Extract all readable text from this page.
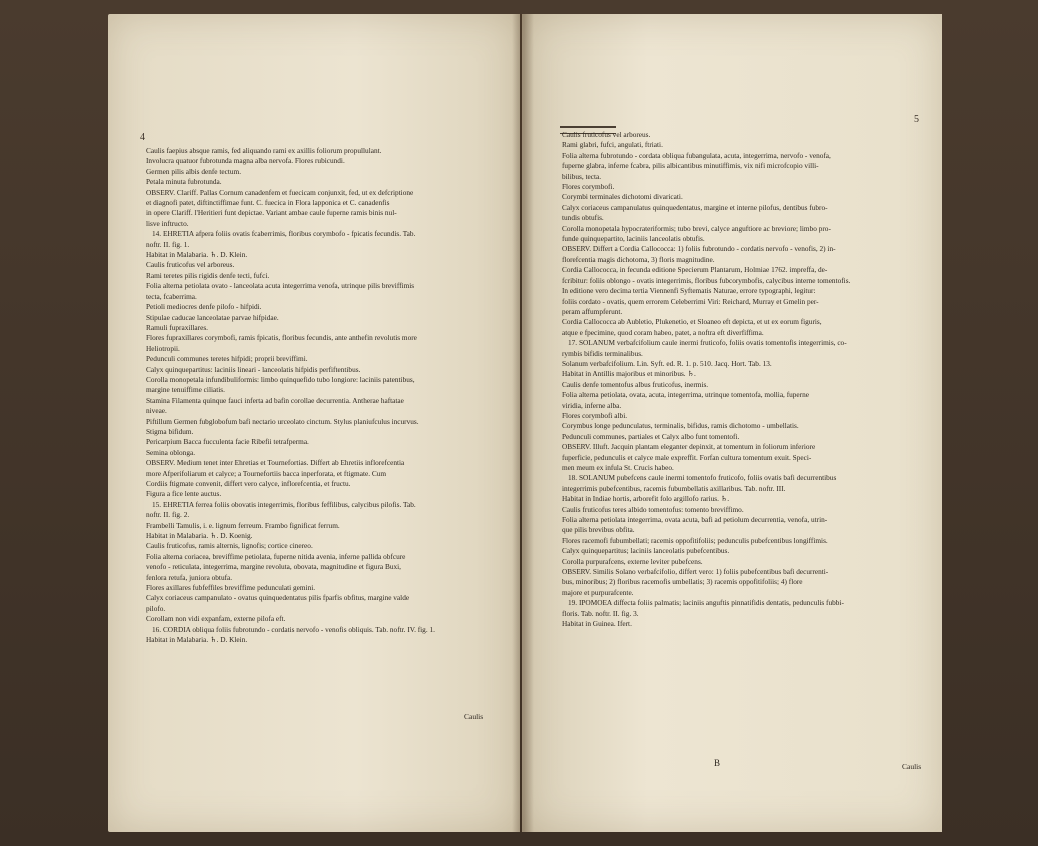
4

Caulis faepius absque ramis, fed aliquando rami ex axillis foliorum propullulant.

Involucra quatuor fubrotunda magna alba nervofa. Flores rubicundi.

Germen pilis albis denfe tectum.

Petala minuta fubrotunda.

OBSERV. Clariff. Pallas Cornum canadenfem et fuecicam conjunxit, fed, ut ex defcriptione

et diagnofi patet, diftinctiffimae funt. C. fuecica in Flora lapponica et C. canadenfis

in opere Clariff. l'Heritieri funt depictae. Variant ambae caule fuperne ramis binis nul-

lisve inftructo.

14. EHRETIA afpera foliis ovatis fcaberrimis, floribus corymbofo - fpicatis fecundis. Tab.

noftr. II. fig. 1.

Habitat in Malabaria. ♄. D. Klein.

Caulis fruticofus vel arboreus.

Rami teretes pilis rigidis denfe tecti, fufci.

Folia alterna petiolata ovato - lanceolata acuta integerrima venofa, utrinque pilis breviffimis

tecta, fcaberrima.

Petioli mediocres denfe pilofo - hifpidi.

Stipulae caducae lanceolatae parvae hifpidae.

Ramuli fupraxillares.

Flores fupraxillares corymbofi, ramis fpicatis, floribus fecundis, ante anthefin revolutis more

Heliotropii.

Pedunculi communes teretes hifpidi; proprii breviffimi.

Calyx quinquepartitus: laciniis lineari - lanceolatis hifpidis perfiftentibus.

Corolla monopetala infundibuliformis: limbo quinquefido tubo longiore: laciniis patentibus,

margine tenuiffime ciliatis.

Stamina Filamenta quinque fauci inferta ad bafin corollae decurrentia. Antherae haftatae

niveae.

Piftillum Germen fubglobofum bafi nectario urceolato cinctum. Stylus planiufculus incurvus.

Stigma bifidum.

Pericarpium Bacca fucculenta facie Ribefii tetrafperma.

Semina oblonga.

OBSERV. Medium tenet inter Ehretias et Tournefortias. Differt ab Ehretiis inflorefcentia

more Afperifoliarum et calyce; a Tournefortiis bacca inperforata, et ftigmate. Cum

Cordiis ftigmate convenit, differt vero calyce, inflorefcentia, et fructu.

Figura a fice lente auctus.

15. EHRETIA ferrea foliis obovatis integerrimis, floribus feffilibus, calycibus pilofis. Tab.

noftr. II. fig. 2.

Frambelli Tamulis, i. e. lignum ferreum. Frambo fignificat ferrum.

Habitat in Malabaria. ♄. D. Koenig.

Caulis fruticofus, ramis alternis, lignofis; cortice cinereo.

Folia alterna coriacea, breviffime petiolata, fuperne nitida avenia, inferne pallida obfcure

venofo - reticulata, integerrima, margine revoluta, obovata, magnitudine et figura Buxi,

fenlora retufa, juniora obtufa.

Flores axillares fubfeffiles breviffime pedunculati gemini.

Calyx coriaceus campanulato - ovatus quinquedentatus pilis fparfis obfitus, margine valde

pilofo.

Corollam non vidi expanfam, externe pilofa eft.

16. CORDIA obliqua foliis fubrotundo - cordatis nervofo - venofis obliquis. Tab. noftr. IV. fig. 1.

Habitat in Malabaria. ♄. D. Klein.

Caulis
5

Caulis fruticofus vel arboreus.

Rami glabri, fufci, angulati, ftriati.

Folia alterna fubrotundo - cordata obliqua fubangulata, acuta, integerrima, nervofo - venofa,

fuperne glabra, inferne fcabra, pilis albicantibus minutiffimis, vix nifi microfcopio villi-

bilibus, tecta.

Flores corymbofi.

Corymbi terminales dichotomi divaricati.

Calyx coriaceus campanulatus quinquedentatus, margine et interne pilofus, dentibus fubro-

tundis obtufis.

Corolla monopetala hypocrateriformis; tubo brevi, calyce anguftiore ac breviore; limbo pro-

funde quinquepartito, laciniis lanceolatis obtufis.

OBSERV. Differt a Cordia Callococca: 1) foliis fubrotundo - cordatis nervofo - venofis, 2) in-

florefcentia magis dichotoma, 3) floris magnitudine.

Cordia Callococca, in fecunda editione Specierum Plantarum, Holmiae 1762. impreffa, de-

fcribitur: foliis oblongo - ovatis integerrimis, floribus fubcorymbofis, calycibus interne tomentofis.

In editione vero decima tertia Viennenfi Syftematis Naturae, errore typographi, legitur:

foliis cordato - ovatis, quem errorem Celeberrimi Viri: Reichard, Murray et Gmelin per-

peram affumpferunt.

Cordia Callococca ab Aubletio, Plukenetio, et Sloaneo eft depicta, et ut ex eorum figuris,

atque e fpecimine, quod coram habeo, patet, a noftra eft diverfiffima.

17. SOLANUM verbafcifolium caule inermi fruticofo, foliis ovatis tomentofis integerrimis, co-

rymbis bifidis terminalibus.

Solanum verbafcifolium. Lin. Syft. ed. R. 1. p. 510. Jacq. Hort. Tab. 13.

Habitat in Antillis majoribus et minoribus. ♄.

Caulis denfe tomentofus albus fruticofus, inermis.

Folia alterna petiolata, ovata, acuta, integerrima, utrinque tomentofa, mollia, fuperne

viridia, inferne alba.

Flores corymbofi albi.

Corymbus longe pedunculatus, terminalis, bifidus, ramis dichotomo - umbellatis.

Pedunculi communes, partiales et Calyx albo funt tomentofi.

OBSERV. Illuft. Jacquin plantam eleganter depinxit, at tomentum in foliorum inferiore

fuperficie, pedunculis et calyce male expreffit. Forfan cultura tomentum exuit. Speci-

men meum ex infula St. Crucis habeo.

18. SOLANUM pubefcens caule inermi tomentofo fruticofo, foliis ovatis bafi decurrentibus

integerrimis pubefcentibus, racemis fubumbellatis axillaribus. Tab. noftr. III.

Habitat in Indiae hortis, arborefit folo argillofo rarius. ♄.

Caulis fruticofus teres albido tomentofus: tomento breviffimo.

Folia alterna petiolata integerrima, ovata acuta, bafi ad petiolum decurrentia, venofa, utrin-

que pilis brevibus obfita.

Flores racemofi fubumbellati; racemis oppofitifoliis; pedunculis pubefcentibus longiffimis.

Calyx quinquepartitus; laciniis lanceolatis pubefcentibus.

Corolla purpurafcens, externe leviter pubefcens.

OBSERV. Similis Solano verbafcifolio, differt vero: 1) foliis pubefcentibus bafi decurrenti-

bus, minoribus; 2) floribus racemofis umbellatis; 3) racemis oppofitifoliis; 4) flore

majore et purpurafcente.

19. IPOMOEA diffecta foliis palmatis; laciniis anguftis pinnatifidis dentatis, pedunculis fubbi-

floris. Tab. noftr. II. fig. 3.

Habitat in Guinea. Ifert.

B	Caulis
